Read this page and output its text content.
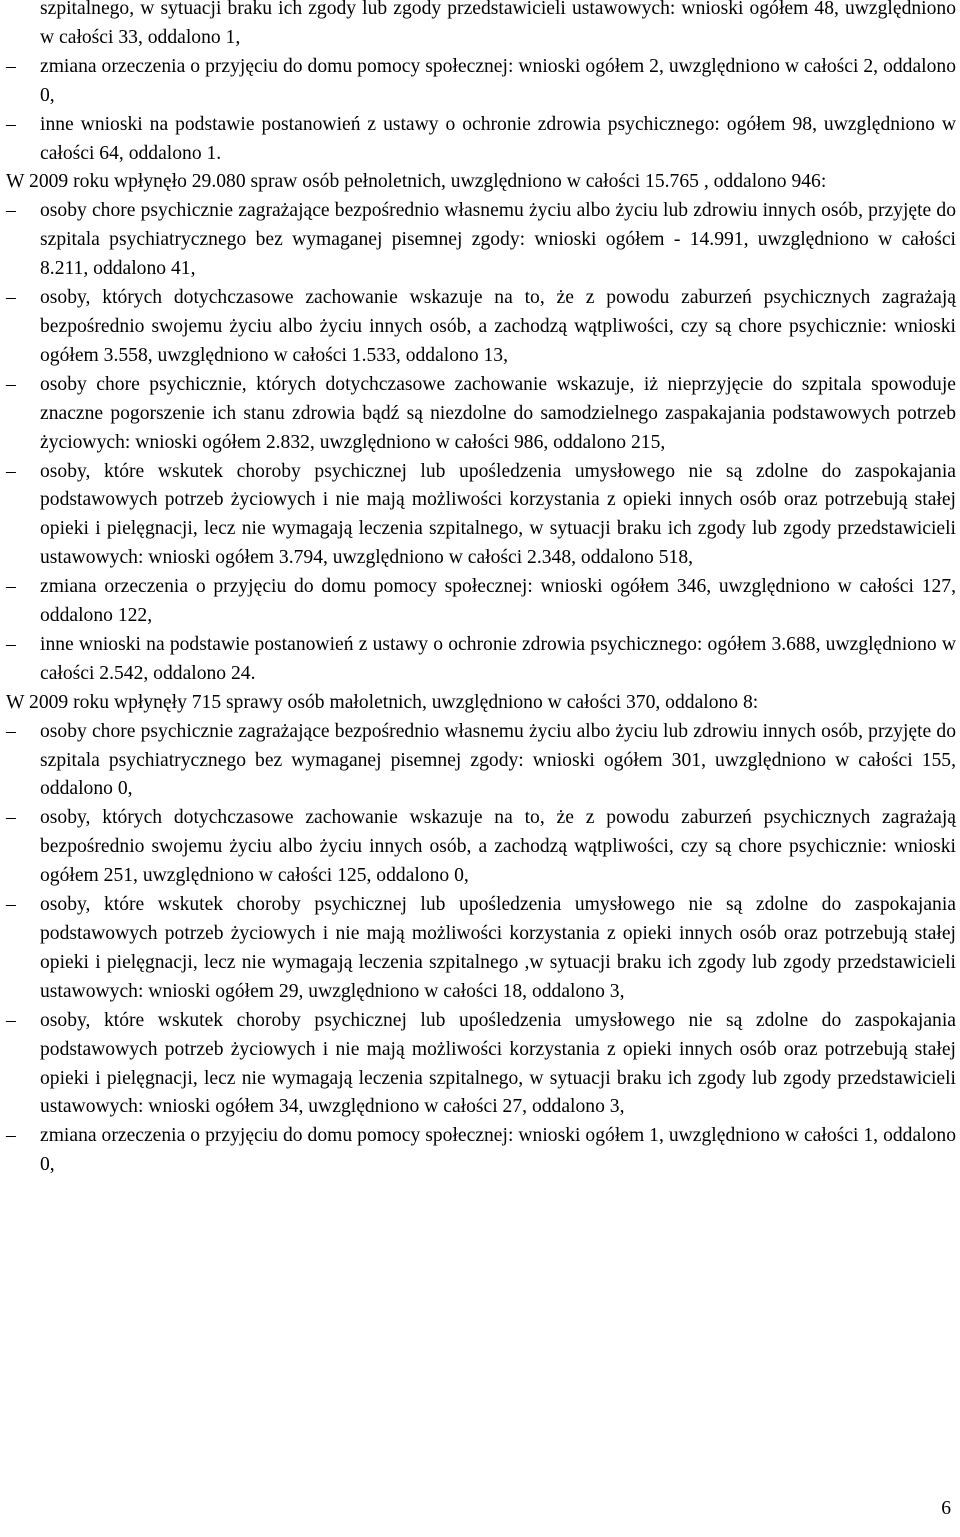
szpitalnego, w sytuacji braku ich zgody lub zgody przedstawicieli ustawowych: wnioski ogółem 48, uwzględniono w całości 33, oddalono 1,

–	zmiana orzeczenia o przyjęciu do domu pomocy społecznej: wnioski ogółem 2, uwzględniono w całości 2, oddalono 0,

–	inne wnioski na podstawie postanowień z ustawy o ochronie zdrowia psychicznego: ogółem 98, uwzględniono w całości 64, oddalono 1.

W 2009 roku wpłynęło 29.080 spraw osób pełnoletnich, uwzględniono w całości 15.765 , oddalono 946:

–	osoby chore psychicznie zagrażające bezpośrednio własnemu życiu albo życiu lub zdrowiu innych osób, przyjęte do szpitala psychiatrycznego bez wymaganej pisemnej zgody: wnioski ogółem - 14.991, uwzględniono w całości 8.211, oddalono 41,

–	osoby, których dotychczasowe zachowanie wskazuje na to, że z powodu zaburzeń psychicznych zagrażają bezpośrednio swojemu życiu albo życiu innych osób, a zachodzą wątpliwości, czy są chore psychicznie: wnioski ogółem 3.558, uwzględniono w całości 1.533, oddalono 13,

–	osoby chore psychicznie, których dotychczasowe zachowanie wskazuje, iż nieprzyjęcie do szpitala spowoduje znaczne pogorszenie ich stanu zdrowia bądź są niezdolne do samodzielnego zaspakajania podstawowych potrzeb życiowych: wnioski ogółem 2.832, uwzględniono w całości 986, oddalono 215,

–	osoby, które wskutek choroby psychicznej lub upośledzenia umysłowego nie są zdolne do zaspokajania podstawowych potrzeb życiowych i nie mają możliwości korzystania z opieki innych osób oraz potrzebują stałej opieki i pielęgnacji, lecz nie wymagają leczenia szpitalnego, w sytuacji braku ich zgody lub zgody przedstawicieli ustawowych: wnioski ogółem 3.794, uwzględniono w całości 2.348, oddalono 518,

–	zmiana orzeczenia o przyjęciu do domu pomocy społecznej: wnioski ogółem 346, uwzględniono w całości 127, oddalono 122,

–	inne wnioski na podstawie postanowień z ustawy o ochronie zdrowia psychicznego: ogółem 3.688, uwzględniono w całości 2.542, oddalono 24.

W 2009 roku wpłynęły 715 sprawy osób małoletnich, uwzględniono w całości 370, oddalono 8:

–	osoby chore psychicznie zagrażające bezpośrednio własnemu życiu albo życiu lub zdrowiu innych osób, przyjęte do szpitala psychiatrycznego bez wymaganej pisemnej zgody: wnioski ogółem 301, uwzględniono w całości 155, oddalono 0,

–	osoby, których dotychczasowe zachowanie wskazuje na to, że z powodu zaburzeń psychicznych zagrażają bezpośrednio swojemu życiu albo życiu innych osób, a zachodzą wątpliwości, czy są chore psychicznie: wnioski ogółem 251, uwzględniono w całości 125, oddalono 0,

–	osoby, które wskutek choroby psychicznej lub upośledzenia umysłowego nie są zdolne do zaspokajania podstawowych potrzeb życiowych i nie mają możliwości korzystania z opieki innych osób oraz potrzebują stałej opieki i pielęgnacji, lecz nie wymagają leczenia szpitalnego ,w sytuacji braku ich zgody lub zgody przedstawicieli ustawowych: wnioski ogółem 29, uwzględniono w całości 18, oddalono 3,

–	osoby, które wskutek choroby psychicznej lub upośledzenia umysłowego nie są zdolne do zaspokajania podstawowych potrzeb życiowych i nie mają możliwości korzystania z opieki innych osób oraz potrzebują stałej opieki i pielęgnacji, lecz nie wymagają leczenia szpitalnego, w sytuacji braku ich zgody lub zgody przedstawicieli ustawowych: wnioski ogółem 34, uwzględniono w całości 27, oddalono 3,

–	zmiana orzeczenia o przyjęciu do domu pomocy społecznej: wnioski ogółem 1, uwzględniono w całości 1, oddalono 0,

6
